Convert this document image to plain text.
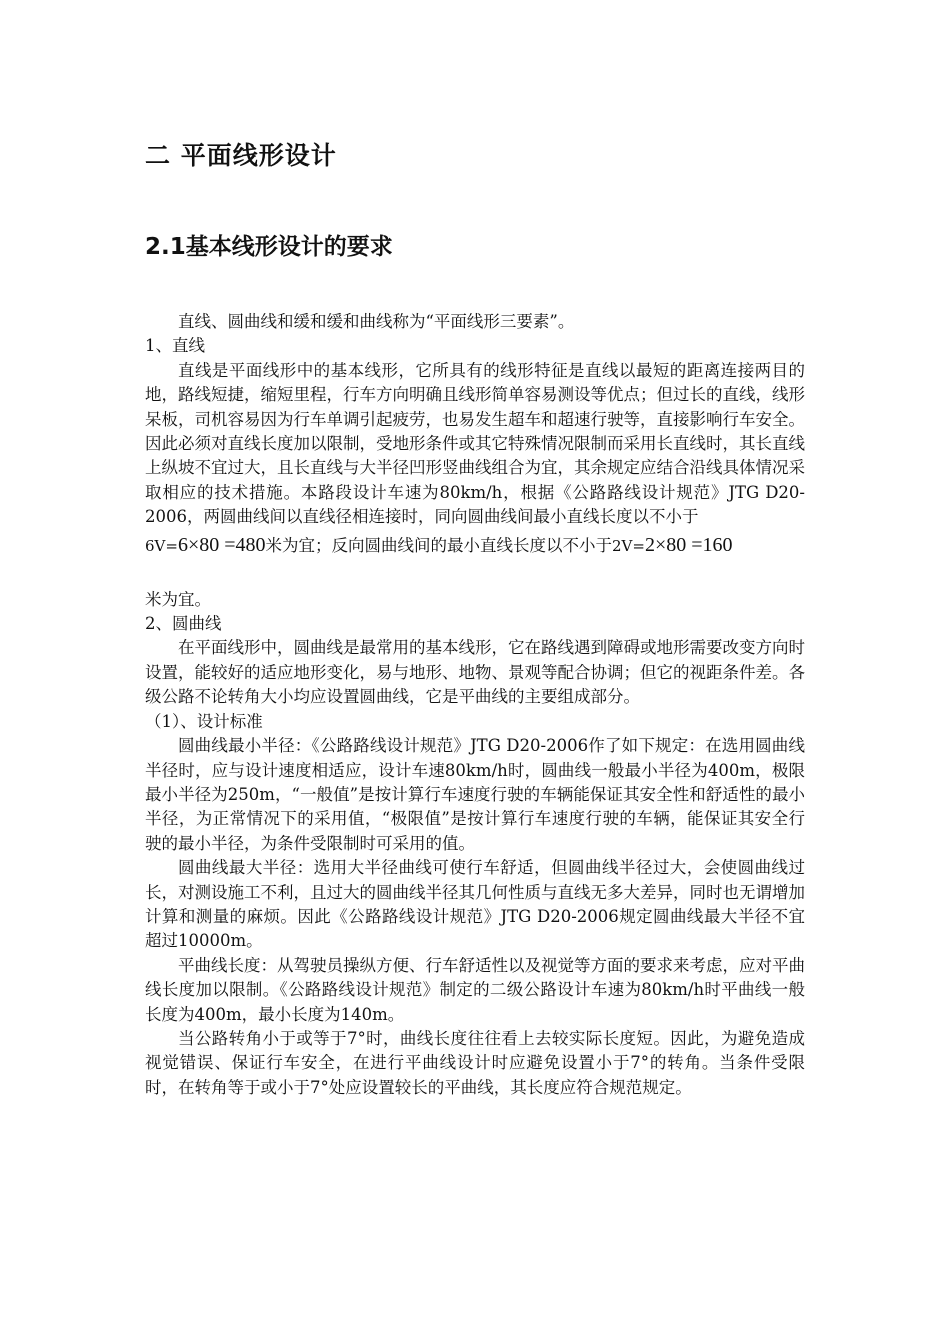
二 平面线形设计
2.1基本线形设计的要求

直线、圆曲线和缓和缓和曲线称为“平面线形三要素”。

1、直线

直线是平面线形中的基本线形，它所具有的线形特征是直线以最短的距离连接两目的地，路线短捷，缩短里程，行车方向明确且线形简单容易测设等优点；但过长的直线，线形呆板，司机容易因为行车单调引起疲劳，也易发生超车和超速行驶等，直接影响行车安全。因此必须对直线长度加以限制，受地形条件或其它特殊情况限制而采用长直线时，其长直线上纵坡不宜过大，且长直线与大半径凹形竖曲线组合为宜，其余规定应结合沿线具体情况采取相应的技术措施。本路段设计车速为80km/h，根据《公路路线设计规范》JTG D20-2006，两圆曲线间以直线径相连接时，同向圆曲线间最小直线长度以不小于

6V=6×80 =480米为宜；反向圆曲线间的最小直线长度以不小于2V=2×80 =160

米为宜。

2、圆曲线

在平面线形中，圆曲线是最常用的基本线形，它在路线遇到障碍或地形需要改变方向时设置，能较好的适应地形变化，易与地形、地物、景观等配合协调；但它的视距条件差。各级公路不论转角大小均应设置圆曲线，它是平曲线的主要组成部分。

（1）、设计标准

圆曲线最小半径：《公路路线设计规范》JTG D20-2006作了如下规定：在选用圆曲线半径时，应与设计速度相适应，设计车速80km/h时，圆曲线一般最小半径为400m，极限最小半径为250m，“一般值”是按计算行车速度行驶的车辆能保证其安全性和舒适性的最小半径，为正常情况下的采用值，“极限值”是按计算行车速度行驶的车辆，能保证其安全行驶的最小半径，为条件受限制时可采用的值。

圆曲线最大半径：选用大半径曲线可使行车舒适，但圆曲线半径过大，会使圆曲线过长，对测设施工不利，且过大的圆曲线半径其几何性质与直线无多大差异，同时也无谓增加计算和测量的麻烦。因此《公路路线设计规范》JTG D20-2006规定圆曲线最大半径不宜超过10000m。

平曲线长度：从驾驶员操纵方便、行车舒适性以及视觉等方面的要求来考虑，应对平曲线长度加以限制。《公路路线设计规范》制定的二级公路设计车速为80km/h时平曲线一般长度为400m，最小长度为140m。

当公路转角小于或等于7°时，曲线长度往往看上去较实际长度短。因此，为避免造成视觉错误、保证行车安全，在进行平曲线设计时应避免设置小于7°的转角。当条件受限时，在转角等于或小于7°处应设置较长的平曲线，其长度应符合规范规定。
